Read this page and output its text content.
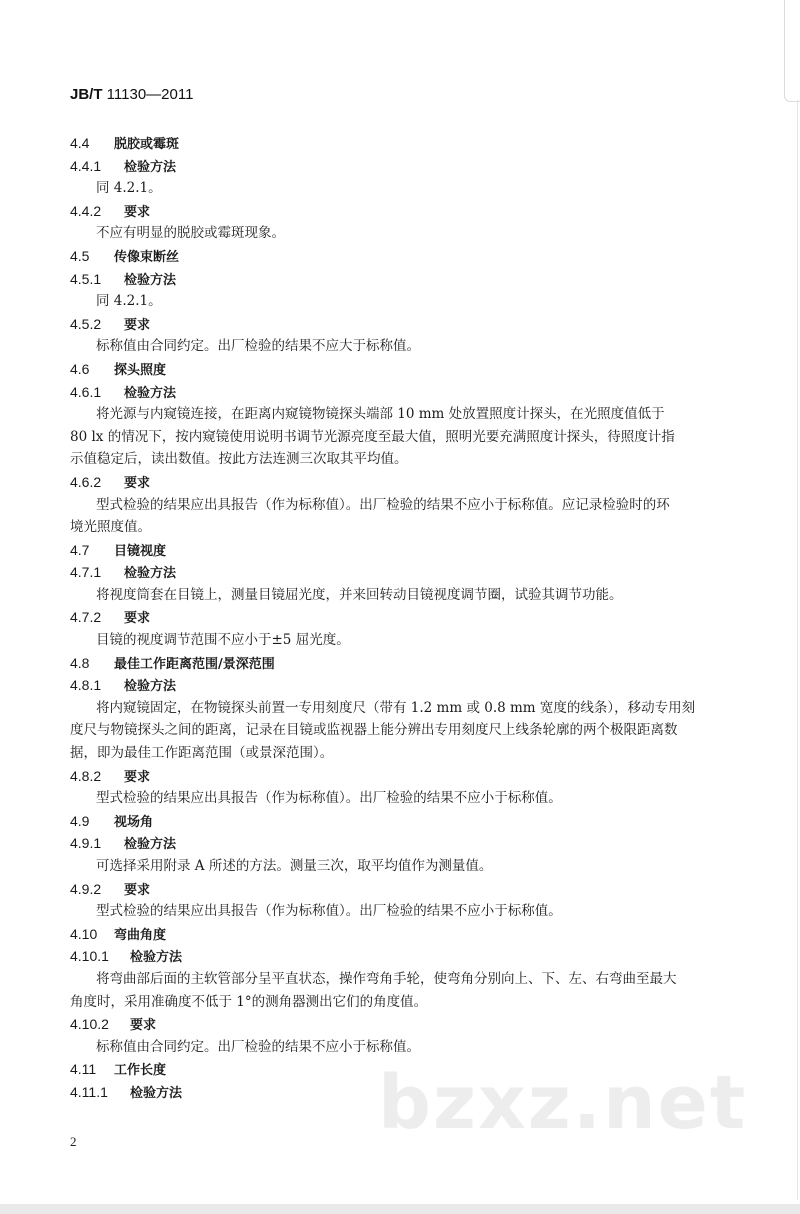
JB/T 11130—2011
4.4 脱胶或霉斑
4.4.1 检验方法
同 4.2.1。
4.4.2 要求
不应有明显的脱胶或霉斑现象。
4.5 传像束断丝
4.5.1 检验方法
同 4.2.1。
4.5.2 要求
标称值由合同约定。出厂检验的结果不应大于标称值。
4.6 探头照度
4.6.1 检验方法
将光源与内窥镜连接，在距离内窥镜物镜探头端部 10 mm 处放置照度计探头，在光照度值低于
80 lx 的情况下，按内窥镜使用说明书调节光源亮度至最大值，照明光要充满照度计探头，待照度计指
示值稳定后，读出数值。按此方法连测三次取其平均值。
4.6.2 要求
型式检验的结果应出具报告（作为标称值）。出厂检验的结果不应小于标称值。应记录检验时的环
境光照度值。
4.7 目镜视度
4.7.1 检验方法
将视度筒套在目镜上，测量目镜屈光度，并来回转动目镜视度调节圈，试验其调节功能。
4.7.2 要求
目镜的视度调节范围不应小于±5 屈光度。
4.8 最佳工作距离范围/景深范围
4.8.1 检验方法
将内窥镜固定，在物镜探头前置一专用刻度尺（带有 1.2 mm 或 0.8 mm 宽度的线条），移动专用刻
度尺与物镜探头之间的距离，记录在目镜或监视器上能分辨出专用刻度尺上线条轮廓的两个极限距离数
据，即为最佳工作距离范围（或景深范围）。
4.8.2 要求
型式检验的结果应出具报告（作为标称值）。出厂检验的结果不应小于标称值。
4.9 视场角
4.9.1 检验方法
可选择采用附录 A 所述的方法。测量三次，取平均值作为测量值。
4.9.2 要求
型式检验的结果应出具报告（作为标称值）。出厂检验的结果不应小于标称值。
4.10 弯曲角度
4.10.1 检验方法
将弯曲部后面的主软管部分呈平直状态，操作弯角手轮，使弯角分别向上、下、左、右弯曲至最大
角度时，采用准确度不低于 1°的测角器测出它们的角度值。
4.10.2 要求
标称值由合同约定。出厂检验的结果不应小于标称值。
4.11 工作长度
4.11.1 检验方法	bzxz.net
2
